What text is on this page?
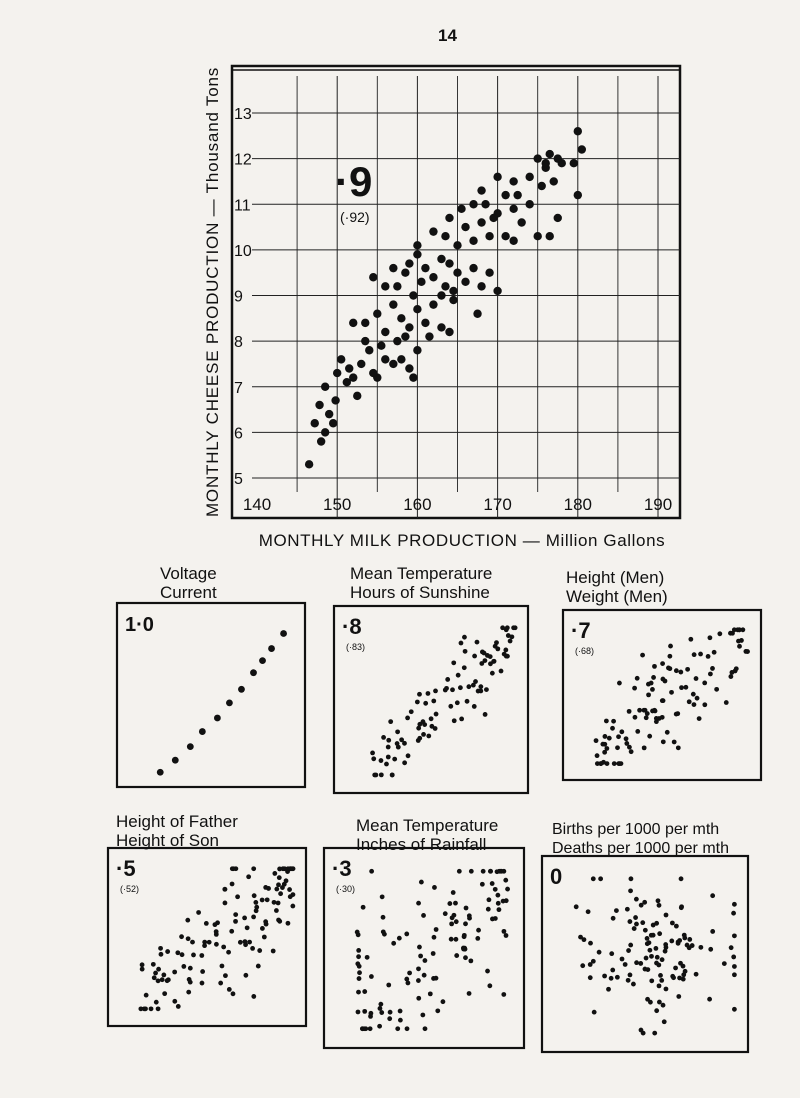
14
140	150	160	170	180	190
5
6
7
8
9
10
11
12
13
MONTHLY MILK PRODUCTION — Million Gallons
MONTHLY CHEESE PRODUCTION — Thousand Tons	·9
(·92)
Voltage
Current
Mean Temperature
Hours of Sunshine
Height (Men)
Weight (Men)
Height of Father
Height of Son
Mean Temperature
Inches of Rainfall
Births per 1000 per mth
Deaths per 1000 per mth
1·0	·8
(·83)
·7
(·68)
·5
(·52)
·3
(·30)	0
